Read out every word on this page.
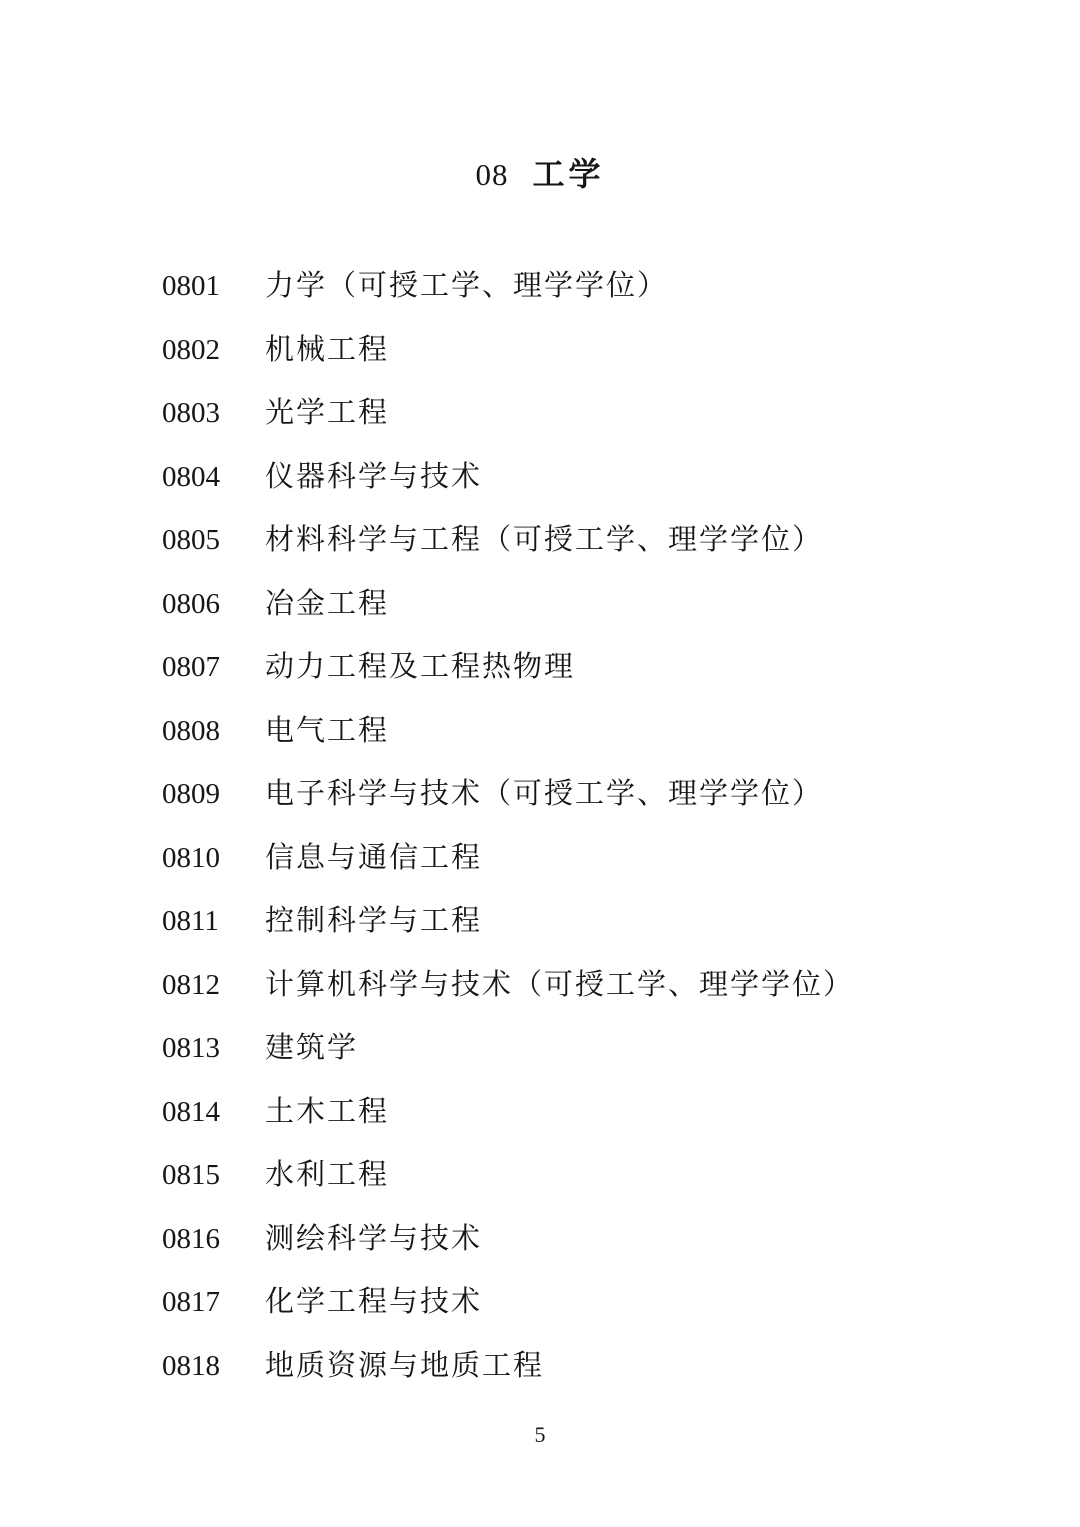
08 工学
0801	力学（可授工学、理学学位）
0802	机械工程
0803	光学工程
0804	仪器科学与技术
0805	材料科学与工程（可授工学、理学学位）
0806	冶金工程
0807	动力工程及工程热物理
0808	电气工程
0809	电子科学与技术（可授工学、理学学位）
0810	信息与通信工程
0811	控制科学与工程
0812	计算机科学与技术（可授工学、理学学位）
0813	建筑学
0814	土木工程
0815	水利工程
0816	测绘科学与技术
0817	化学工程与技术
0818	地质资源与地质工程
5
